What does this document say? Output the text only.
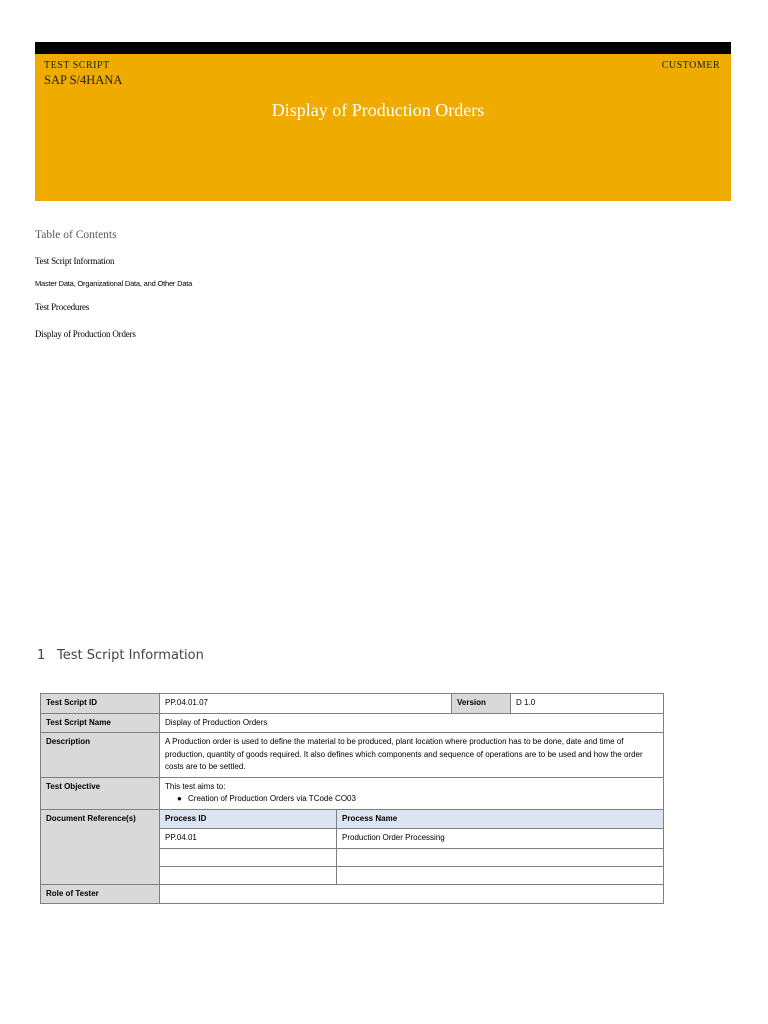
TEST SCRIPT
SAP S/4HANA
CUSTOMER
Display of Production Orders
Table of Contents
Test Script Information
Master Data, Organizational Data, and Other Data
Test Procedures
Display of Production Orders
1 Test Script Information
Test Script ID	PP.04.01.07		Version	D 1.0
Test Script Name	Display of Production Orders			
Description	A Production order is used to define the material to be produced, plant location where production has to be done, date and time of production, quantity of goods required. It also defines which components and sequence of operations are to be used and how the order costs are to be settled.			
Test Objective	This test aims to:
● Creation of Production Orders via TCode CO03			

Document Reference(s)	Process ID	Process Name		
	PP.04.01	Production Order Processing		

Role of Tester				
